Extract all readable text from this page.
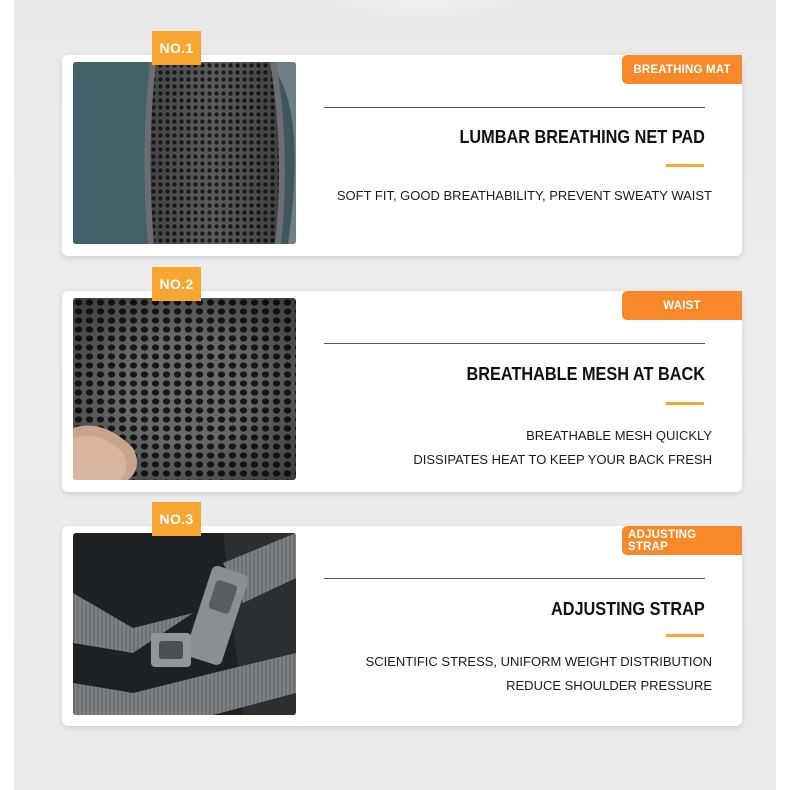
NO.1
BREATHING MAT
LUMBAR BREATHING NET PAD
SOFT FIT, GOOD BREATHABILITY, PREVENT SWEATY WAIST
NO.2
WAIST
BREATHABLE MESH AT BACK
BREATHABLE MESH QUICKLY
DISSIPATES HEAT TO KEEP YOUR BACK FRESH
NO.3
ADJUSTING STRAP
ADJUSTING STRAP
SCIENTIFIC STRESS, UNIFORM WEIGHT DISTRIBUTION
REDUCE SHOULDER PRESSURE
